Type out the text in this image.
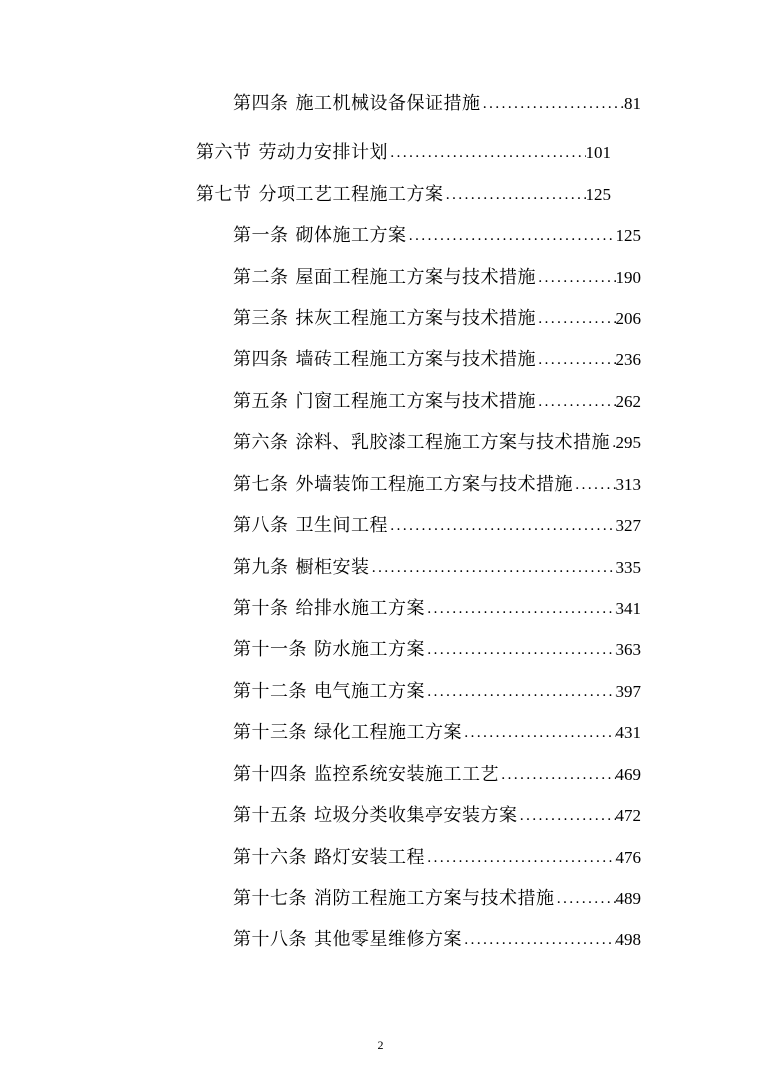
第四条 施工机械设备保证措施 .....	81
第六节 劳动力安排计划 .....	101
第七节 分项工艺工程施工方案 .....	125
第一条 砌体施工方案 .....	125
第二条 屋面工程施工方案与技术措施 .....	190
第三条 抹灰工程施工方案与技术措施 .....	206
第四条 墙砖工程施工方案与技术措施 .....	236
第五条 门窗工程施工方案与技术措施 .....	262
第六条 涂料、乳胶漆工程施工方案与技术措施 ..... 295
第七条 外墙装饰工程施工方案与技术措施 .....	313
第八条 卫生间工程 .....	327
第九条 橱柜安装 .....	335
第十条 给排水施工方案 .....	341
第十一条 防水施工方案 .....	363
第十二条 电气施工方案 .....	397
第十三条 绿化工程施工方案 .....	431
第十四条 监控系统安装施工工艺 .....	469
第十五条 垃圾分类收集亭安装方案 .....	472
第十六条 路灯安装工程 .....	476
第十七条 消防工程施工方案与技术措施 .....	489
第十八条 其他零星维修方案 .....	498
2
